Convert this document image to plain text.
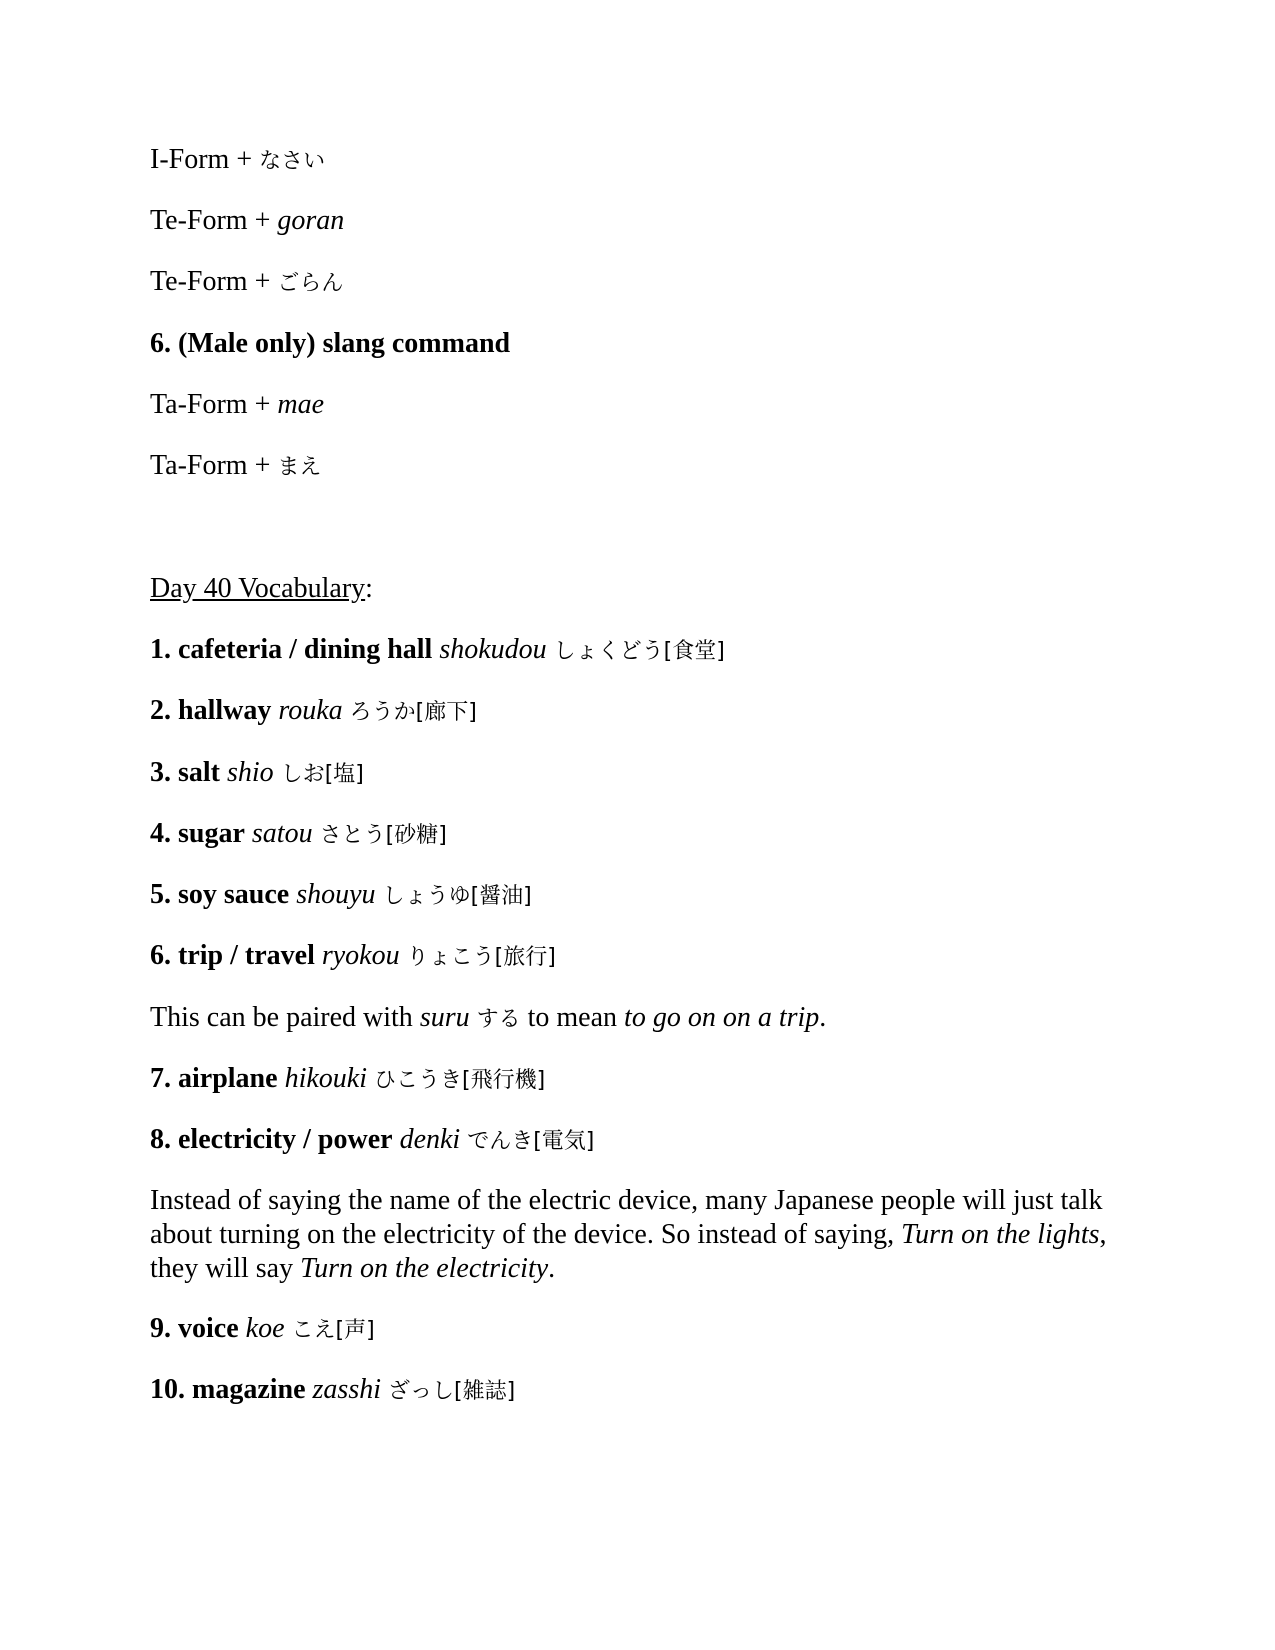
I-Form + なさい
Te-Form + goran
Te-Form + ごらん
6. (Male only) slang command
Ta-Form + mae
Ta-Form + まえ
Day 40 Vocabulary:
1. cafeteria / dining hall shokudou しょくどう[食堂]
2. hallway rouka ろうか[廊下]
3. salt shio しお[塩]
4. sugar satou さとう[砂糖]
5. soy sauce shouyu しょうゆ[醤油]
6. trip / travel ryokou りょこう[旅行]
This can be paired with suru する to mean to go on on a trip.
7. airplane hikouki ひこうき[飛行機]
8. electricity / power denki でんき[電気]
Instead of saying the name of the electric device, many Japanese people will just talk about turning on the electricity of the device. So instead of saying, Turn on the lights, they will say Turn on the electricity.
9. voice koe こえ[声]
10. magazine zasshi ざっし[雑誌]
